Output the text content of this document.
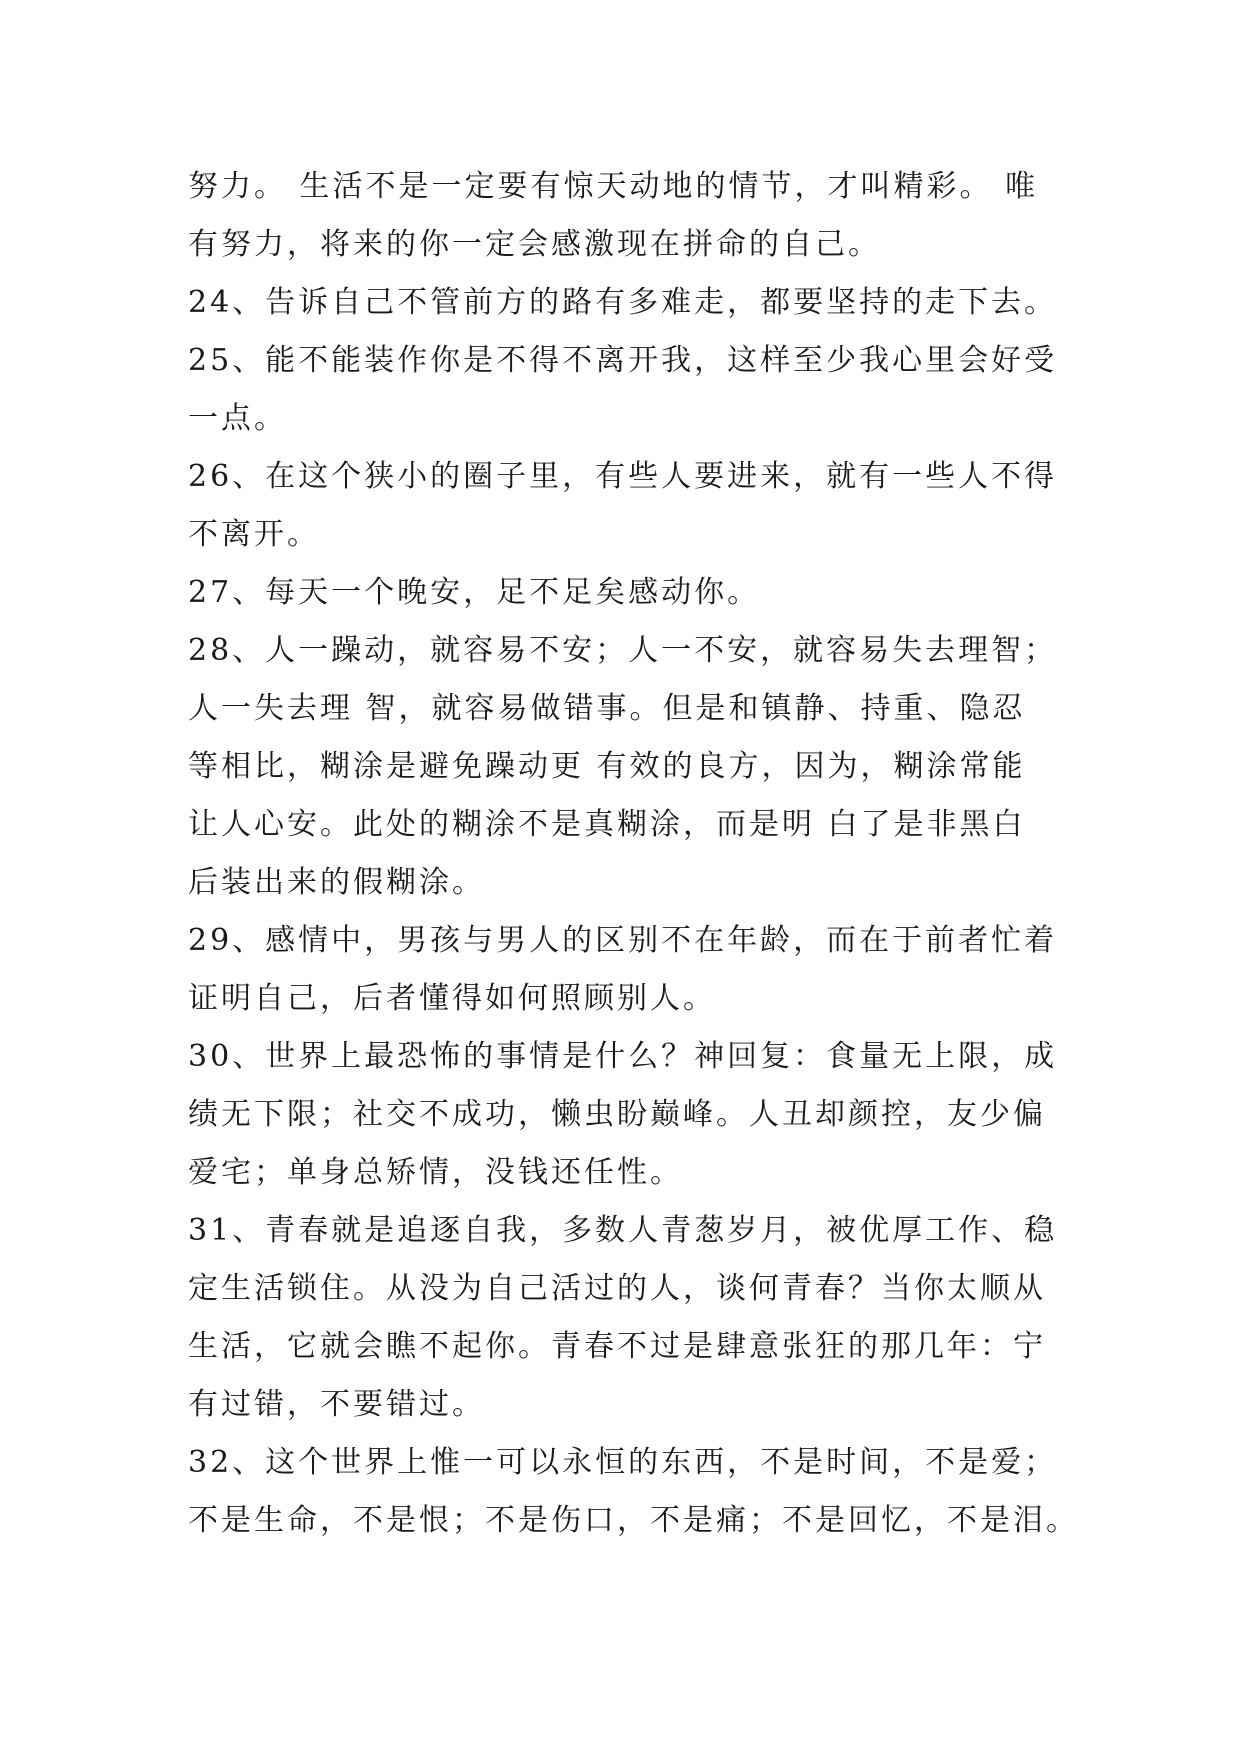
努力。 生活不是一定要有惊天动地的情节，才叫精彩。 唯
有努力，将来的你一定会感激现在拼命的自己。
24、告诉自己不管前方的路有多难走，都要坚持的走下去。
25、能不能装作你是不得不离开我，这样至少我心里会好受
一点。
26、在这个狭小的圈子里，有些人要进来，就有一些人不得
不离开。
27、每天一个晚安，足不足矣感动你。
28、人一躁动，就容易不安；人一不安，就容易失去理智；
人一失去理 智，就容易做错事。但是和镇静、持重、隐忍
等相比，糊涂是避免躁动更 有效的良方，因为，糊涂常能
让人心安。此处的糊涂不是真糊涂，而是明 白了是非黑白
后装出来的假糊涂。
29、感情中，男孩与男人的区别不在年龄，而在于前者忙着
证明自己，后者懂得如何照顾别人。
30、世界上最恐怖的事情是什么？神回复：食量无上限，成
绩无下限；社交不成功，懒虫盼巅峰。人丑却颜控，友少偏
爱宅；单身总矫情，没钱还任性。
31、青春就是追逐自我，多数人青葱岁月，被优厚工作、稳
定生活锁住。从没为自己活过的人，谈何青春？当你太顺从
生活，它就会瞧不起你。青春不过是肆意张狂的那几年：宁
有过错，不要错过。
32、这个世界上惟一可以永恒的东西，不是时间，不是爱；
不是生命，不是恨；不是伤口，不是痛；不是回忆，不是泪。
